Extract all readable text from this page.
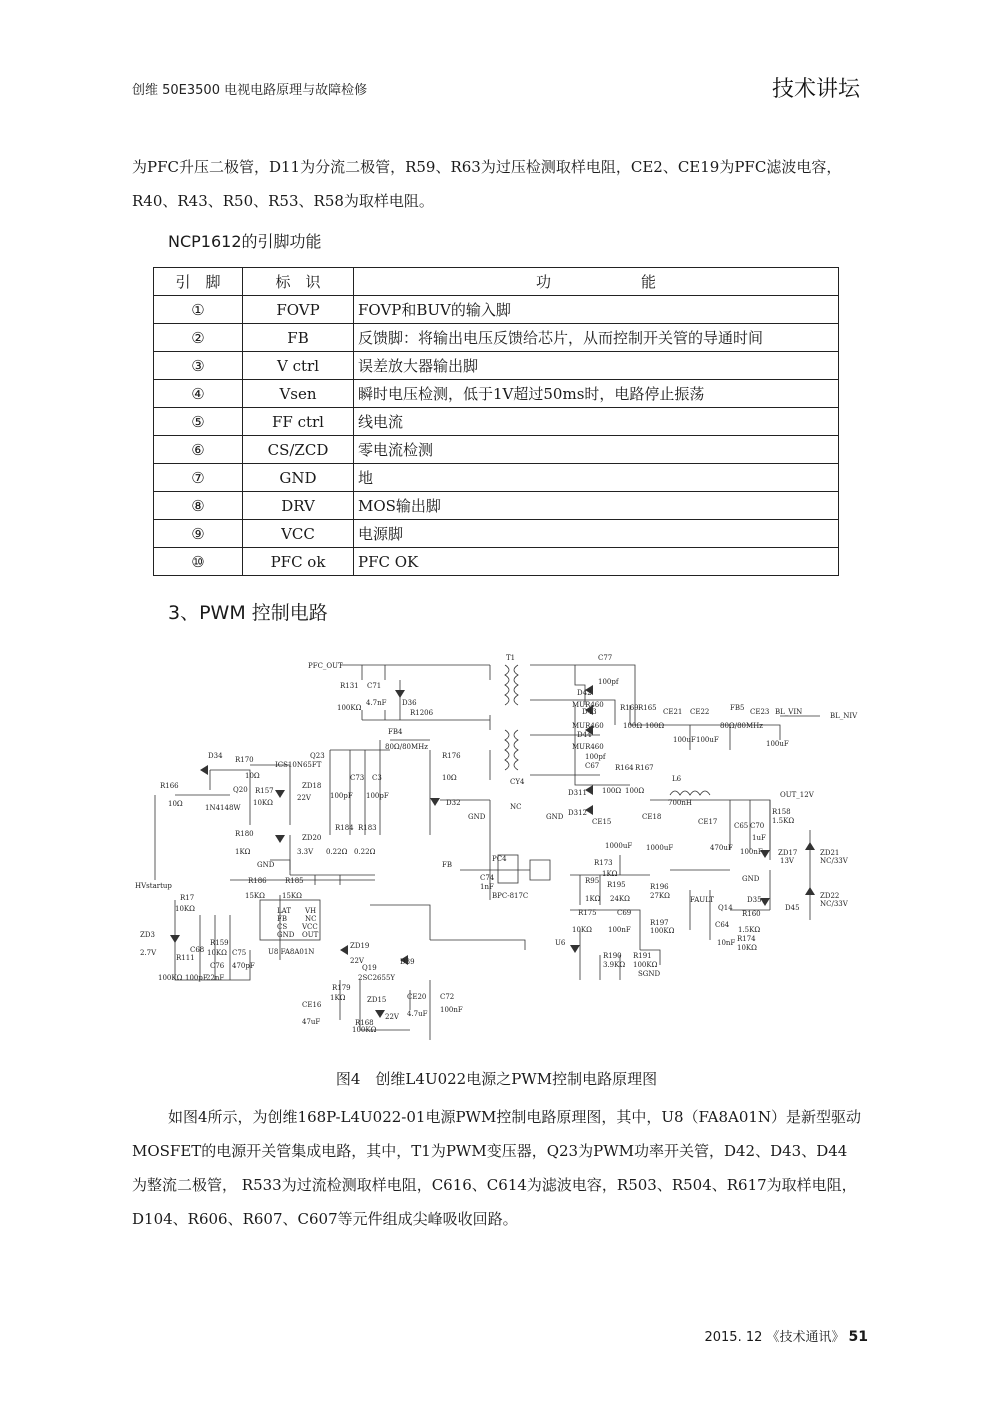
创维 50E3500 电视电路原理与故障检修	技术讲坛

为PFC升压二极管，D11为分流二极管，R59、R63为过压检测取样电阻，CE2、CE19为PFC滤波电容，R40、R43、R50、R53、R58为取样电阻。

NCP1612的引脚功能
引　脚	标　识	功　　　　　　能
①	FOVP	FOVP和BUV的输入脚
②	FB	反馈脚：将输出电压反馈给芯片，从而控制开关管的导通时间
③	V ctrl	误差放大器输出脚
④	Vsen	瞬时电压检测，低于1V超过50ms时，电路停止振荡
⑤	FF ctrl	线电流
⑥	CS/ZCD	零电流检测
⑦	GND	地
⑧	DRV	MOS输出脚
⑨	VCC	电源脚
⑩	PFC ok	PFC OK
3、PWM 控制电路
PFC_OUT
T1	C77
100pf
R131 C71
100KΩ
4.7nF D36
R1206
D42
MUR460
D43
MUR460
D44
MUR460
100pf
C67
R169 R165
100Ω 100Ω
FB4
80Ω/80MHz
CE21
100uF
CE22
100uF
FB5
80Ω/80MHz
CE23
100uF
BL_VIN	BL_NIV
D34 R170
10Ω
Q23
ICS10N65FT
R176
10Ω
R166
10Ω
Q20
1N4148W
R157
10KΩ
ZD18
22V
C73 C3
100pF 100pF
D32
CY4
NC
GND	GND
L6
700nH
OUT_12V
D311
D312
R164 R167
100Ω 100Ω
CE15
1000uF
CE18
1000uF
CE17
470uF
C65
100nF
C70
1uF
R158
1.5KΩ
R180
1KΩ
ZD20
3.3V
R184 R183
0.22Ω 0.22Ω
GND	FB
PC4
C74
1nF
BPC-817C
R173
1KΩ
ZD17
13V
ZD21
NC/33V
ZD22
NC/33V
GND
HVstartup
R17
10KΩ
R186
15KΩ
R185
15KΩ
LAT
FB
CS
GND
VH
NC
VCC
OUT
U8 FA8A01N
R95
1KΩ
R195
24KΩ
R196
27KΩ	FAULT
Q14
D35
D45
R160
1.5KΩ
C64
10nF R174
10KΩ
ZD3
2.7V
R159
10KΩ C75
470pF
R111
100KΩ
C68
100pF
C76
22nF
ZD19
22V	D39
Q19
2SC2655Y
R175
10KΩ
C69
100nF
R197
100KΩ
U6
R190
3.9KΩ
R191
100KΩ
SGND
R179
1KΩ
CE16
47uF
ZD15
22V
R168
100KΩ
CE20
4.7uF
C72
100nF
图4　创维L4U022电源之PWM控制电路原理图

如图4所示，为创维168P-L4U022-01电源PWM控制电路原理图，其中，U8（FA8A01N）是新型驱动MOSFET的电源开关管集成电路，其中，T1为PWM变压器，Q23为PWM功率开关管，D42、D43、D44为整流二极管， R533为过流检测取样电阻，C616、C614为滤波电容，R503、R504、R617为取样电阻，D104、R606、R607、C607等元件组成尖峰吸收回路。

2015. 12 《技术通讯》 51
